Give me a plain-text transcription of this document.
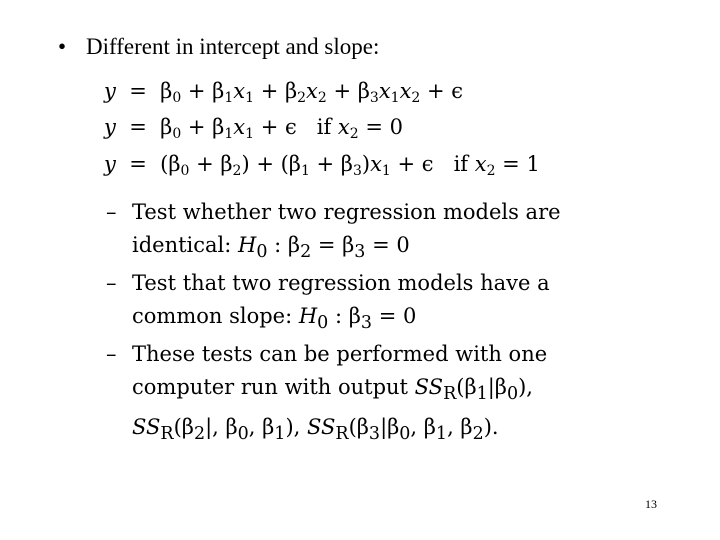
• Different in intercept and slope:
$y = \beta_0 + \beta_1x_1 + \beta_2x_2 + \beta_3x_1x_2 + \epsilon$
$y = \beta_0 + \beta_1x_1 + \epsilon$ if $x_2 = 0$
$y = (\beta_0 + \beta_2) + (\beta_1 + \beta_3)x_1 + \epsilon$ if $x_2 = 1$
– Test whether two regression models are identical: $H_0$ : $\beta_2 = \beta_3 = 0$
– Test that two regression models have a common slope: $H_0$ : $\beta_3 = 0$
– These tests can be performed with one computer run with output $SS_R(\beta_1|\beta_0)$, $SS_R(\beta_2|$, $\beta_0$, $\beta_1$), $SS_R(\beta_3|\beta_0$, $\beta_1$, $\beta_2$).
13
